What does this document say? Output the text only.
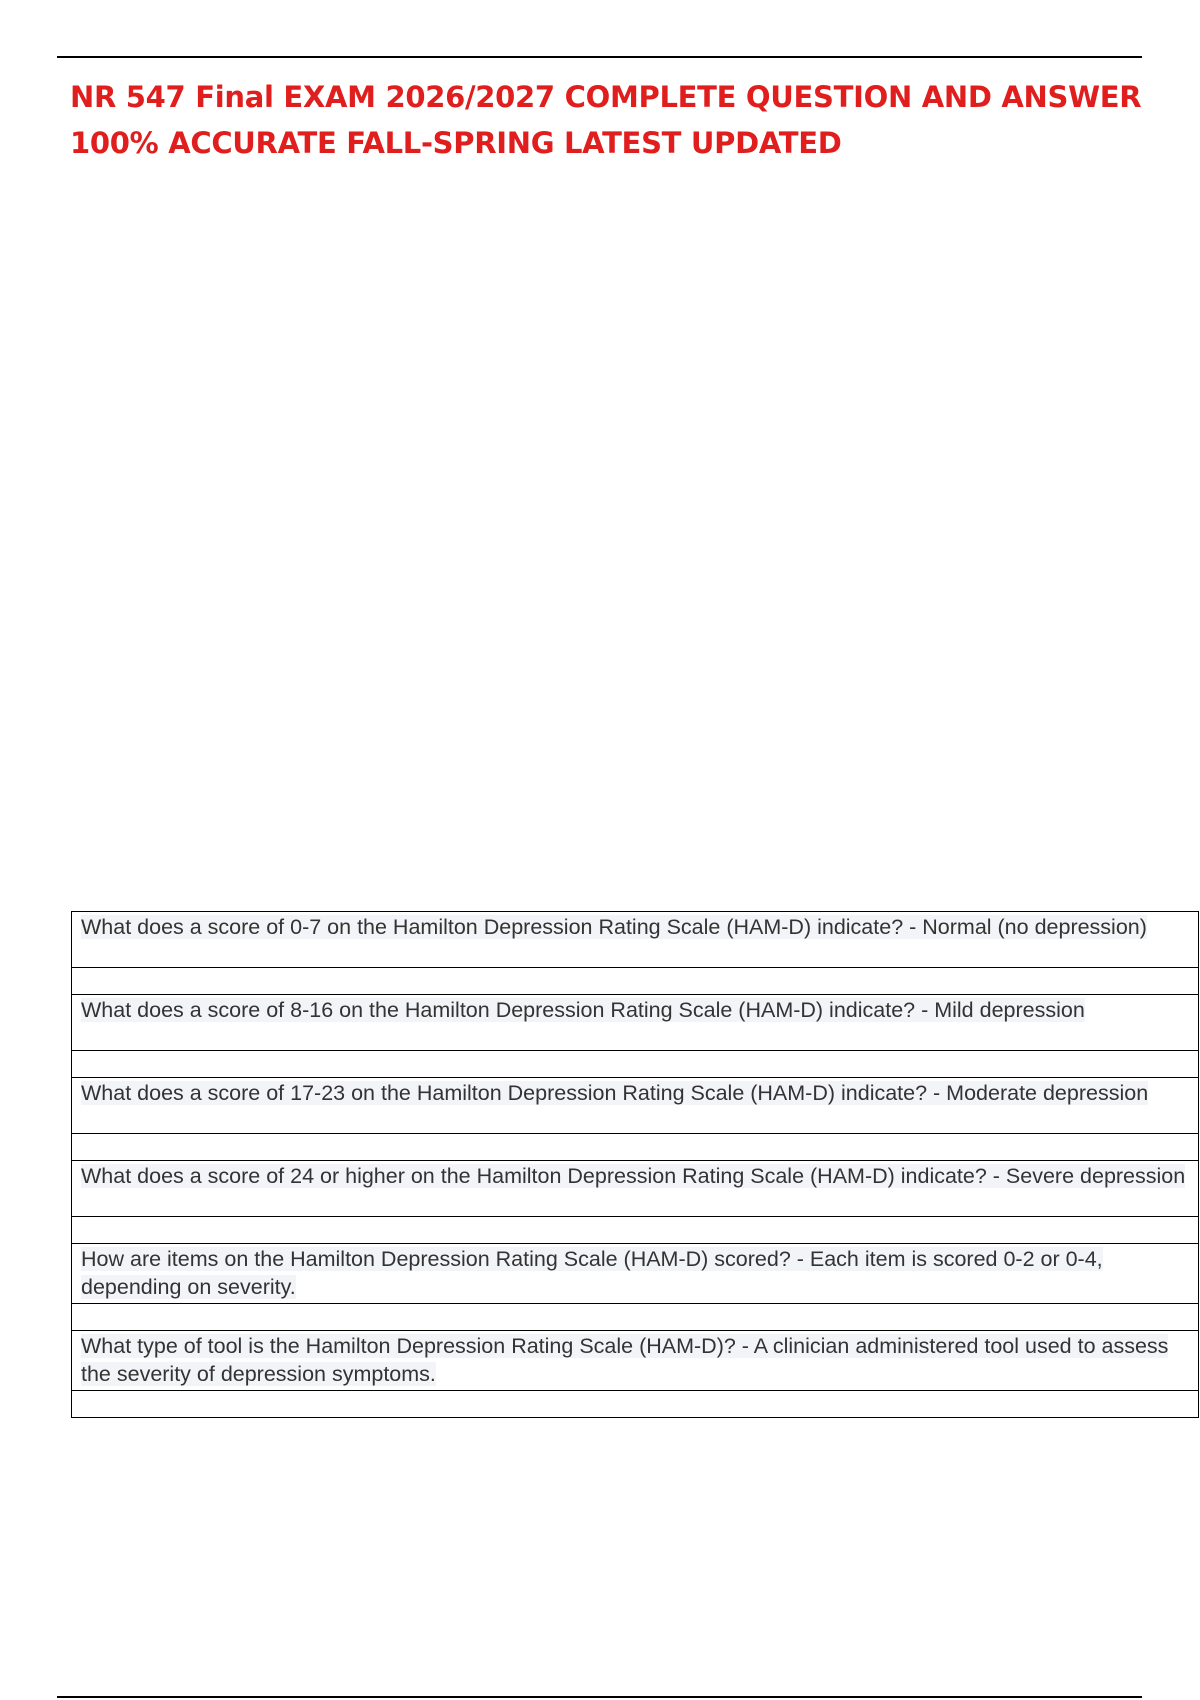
NR 547 Final EXAM 2026/2027 COMPLETE QUESTION AND ANSWER 100% ACCURATE FALL-SPRING LATEST UPDATED
What does a score of 0-7 on the Hamilton Depression Rating Scale (HAM-D) indicate? - Normal (no depression)

What does a score of 8-16 on the Hamilton Depression Rating Scale (HAM-D) indicate? - Mild depression

What does a score of 17-23 on the Hamilton Depression Rating Scale (HAM-D) indicate? - Moderate depression

What does a score of 24 or higher on the Hamilton Depression Rating Scale (HAM-D) indicate? - Severe depression

How are items on the Hamilton Depression Rating Scale (HAM-D) scored? - Each item is scored 0-2 or 0-4, depending on severity.

What type of tool is the Hamilton Depression Rating Scale (HAM-D)? - A clinician administered tool used to assess the severity of depression symptoms.
